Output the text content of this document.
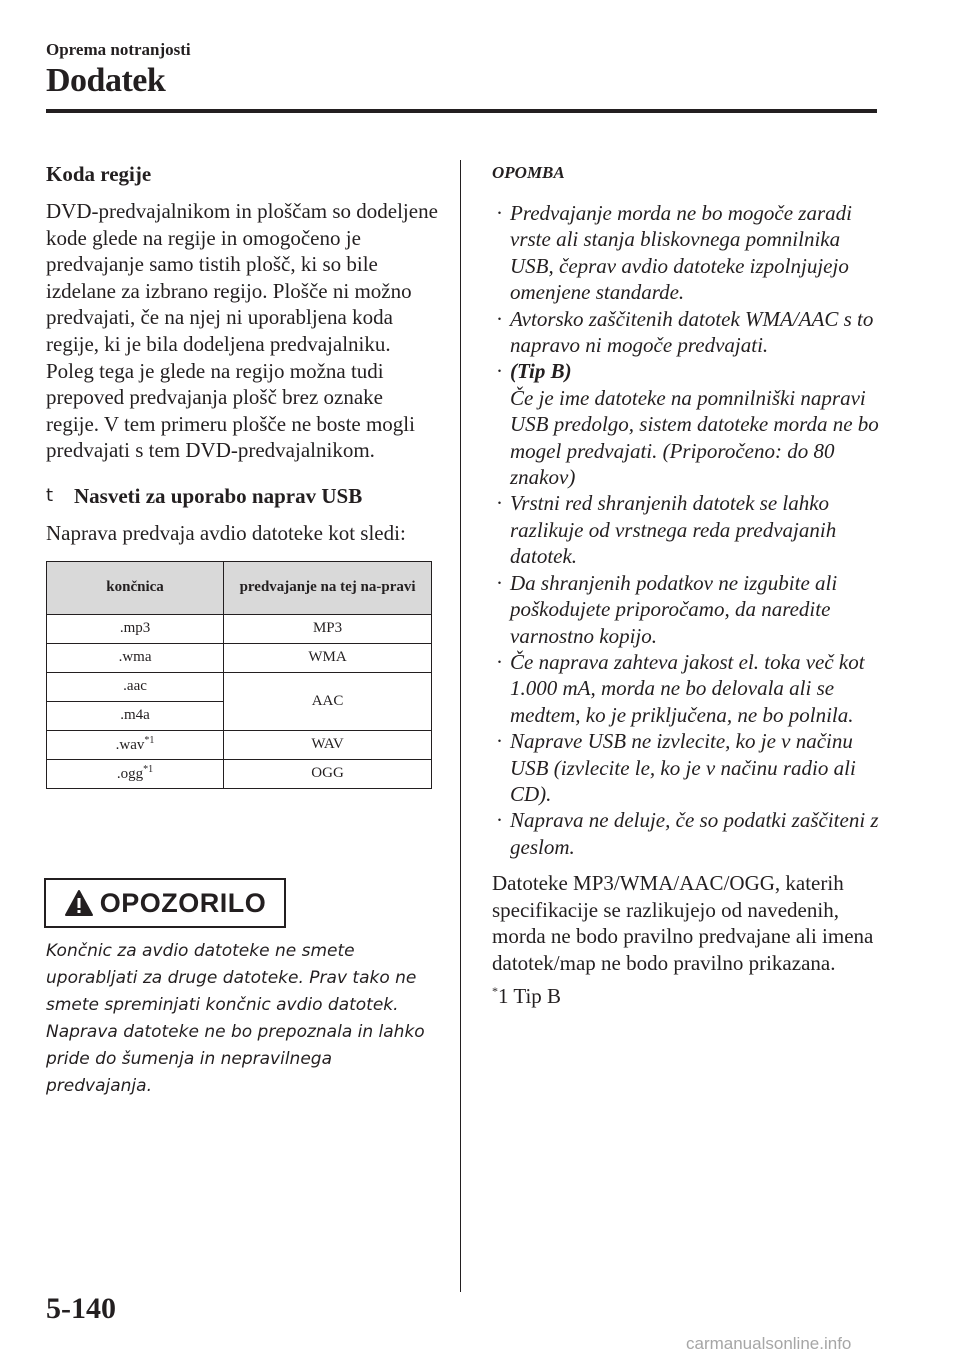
Oprema notranjosti
Dodatek
Koda regije

DVD-predvajalnikom in ploščam so dodeljene kode glede na regije in omogočeno je predvajanje samo tistih plošč, ki so bile izdelane za izbrano regijo. Plošče ni možno predvajati, če na njej ni uporabljena koda regije, ki je bila dodeljena predvajalniku. Poleg tega je glede na regijo možna tudi prepoved predvajanja plošč brez oznake regije. V tem primeru plošče ne boste mogli predvajati s tem DVD-predvajalnikom.

t Nasveti za uporabo naprav USB

Naprava predvaja avdio datoteke kot sledi:

končnica	predvajanje na tej na-pravi
.mp3	MP3
.wma	WMA
.aac	AAC
.m4a	
.wav$^{*1}$	WAV
.ogg$^{*1}$	OGG
OPOZORILO
Končnic za avdio datoteke ne smete uporabljati za druge datoteke. Prav tako ne smete spreminjati končnic avdio datotek. Naprava datoteke ne bo prepoznala in lahko pride do šumenja in nepravilnega predvajanja.
OPOMBA
· Predvajanje morda ne bo mogoče zaradi vrste ali stanja bliskovnega pomnilnika USB, čeprav avdio datoteke izpolnjujejo omenjene standarde.
· Avtorsko zaščitenih datotek WMA/AAC s to napravo ni mogoče predvajati.
· (Tip B)
Če je ime datoteke na pomnilniški napravi USB predolgo, sistem datoteke morda ne bo mogel predvajati. (Priporočeno: do 80 znakov)
· Vrstni red shranjenih datotek se lahko razlikuje od vrstnega reda predvajanih datotek.
· Da shranjenih podatkov ne izgubite ali poškodujete priporočamo, da naredite varnostno kopijo.
· Če naprava zahteva jakost el. toka več kot 1.000 mA, morda ne bo delovala ali se medtem, ko je priključena, ne bo polnila.
· Naprave USB ne izvlecite, ko je v načinu USB (izvlecite le, ko je v načinu radio ali CD).
· Naprava ne deluje, če so podatki zaščiteni z geslom.

Datoteke MP3/WMA/AAC/OGG, katerih specifikacije se razlikujejo od navedenih, morda ne bodo pravilno predvajane ali imena datotek/map ne bodo pravilno prikazana.

*1 Tip B

5-140
carmanualsonline.info
